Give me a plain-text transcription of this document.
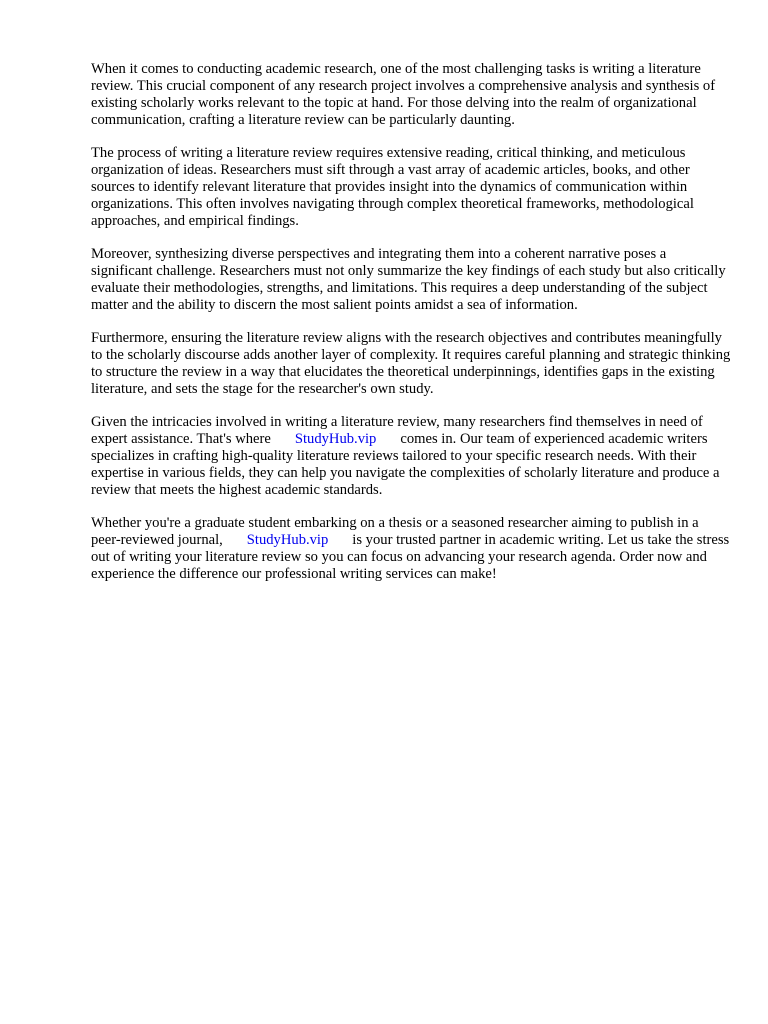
When it comes to conducting academic research, one of the most challenging tasks is writing a literature review. This crucial component of any research project involves a comprehensive analysis and synthesis of existing scholarly works relevant to the topic at hand. For those delving into the realm of organizational communication, crafting a literature review can be particularly daunting.

The process of writing a literature review requires extensive reading, critical thinking, and meticulous organization of ideas. Researchers must sift through a vast array of academic articles, books, and other sources to identify relevant literature that provides insight into the dynamics of communication within organizations. This often involves navigating through complex theoretical frameworks, methodological approaches, and empirical findings.

Moreover, synthesizing diverse perspectives and integrating them into a coherent narrative poses a significant challenge. Researchers must not only summarize the key findings of each study but also critically evaluate their methodologies, strengths, and limitations. This requires a deep understanding of the subject matter and the ability to discern the most salient points amidst a sea of information.

Furthermore, ensuring the literature review aligns with the research objectives and contributes meaningfully to the scholarly discourse adds another layer of complexity. It requires careful planning and strategic thinking to structure the review in a way that elucidates the theoretical underpinnings, identifies gaps in the existing literature, and sets the stage for the researcher's own study.

Given the intricacies involved in writing a literature review, many researchers find themselves in need of expert assistance. That's where StudyHub.vip comes in. Our team of experienced academic writers specializes in crafting high-quality literature reviews tailored to your specific research needs. With their expertise in various fields, they can help you navigate the complexities of scholarly literature and produce a review that meets the highest academic standards.

Whether you're a graduate student embarking on a thesis or a seasoned researcher aiming to publish in a peer-reviewed journal, StudyHub.vip is your trusted partner in academic writing. Let us take the stress out of writing your literature review so you can focus on advancing your research agenda. Order now and experience the difference our professional writing services can make!
